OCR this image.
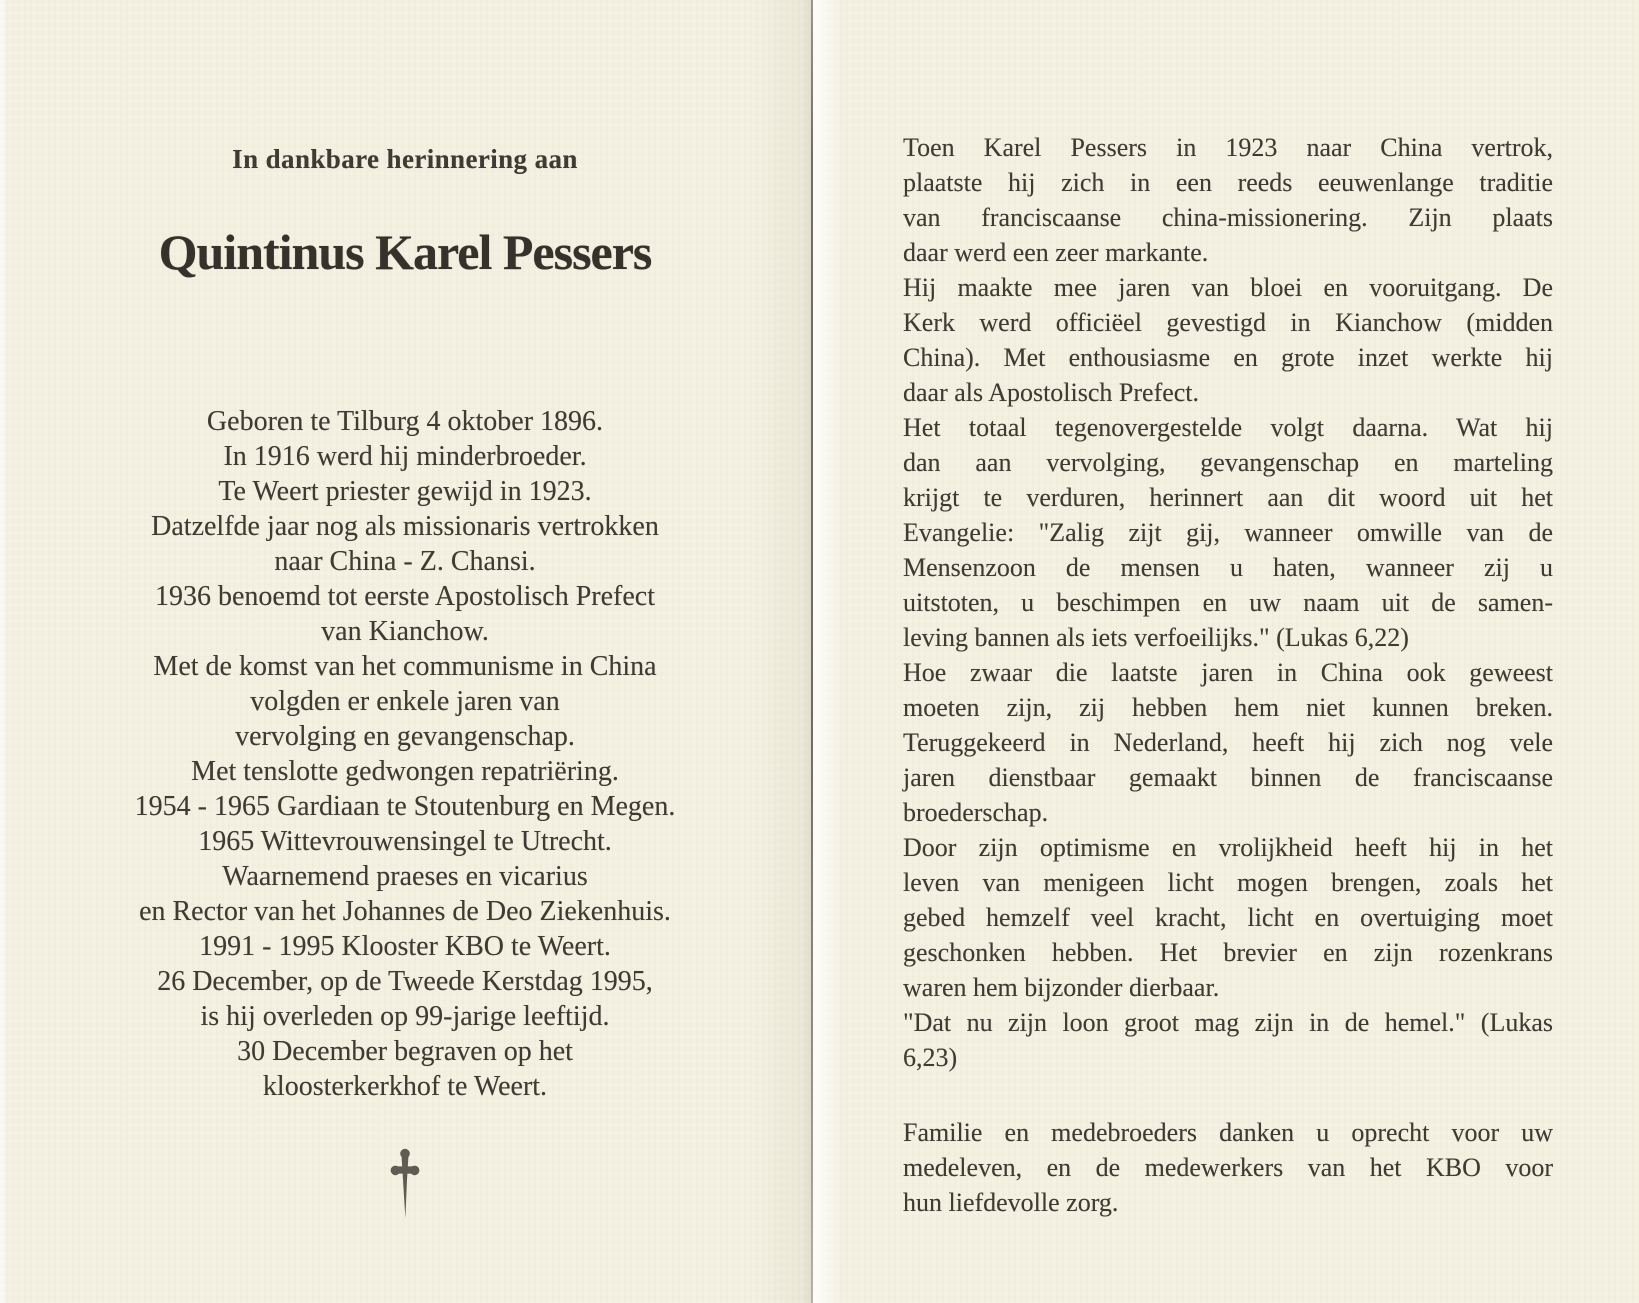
In dankbare herinnering aan
Quintinus Karel Pessers
Geboren te Tilburg 4 oktober 1896.
In 1916 werd hij minderbroeder.
Te Weert priester gewijd in 1923.
Datzelfde jaar nog als missionaris vertrokken
naar China - Z. Chansi.
1936 benoemd tot eerste Apostolisch Prefect
van Kianchow.
Met de komst van het communisme in China
volgden er enkele jaren van
vervolging en gevangenschap.
Met tenslotte gedwongen repatriëring.
1954 - 1965 Gardiaan te Stoutenburg en Megen.
1965 Wittevrouwensingel te Utrecht.
Waarnemend praeses en vicarius
en Rector van het Johannes de Deo Ziekenhuis.
1991 - 1995 Klooster KBO te Weert.
26 December, op de Tweede Kerstdag 1995,
is hij overleden op 99-jarige leeftijd.
30 December begraven op het
kloosterkerkhof te Weert.
Toen Karel Pessers in 1923 naar China vertrok,
plaatste hij zich in een reeds eeuwenlange traditie
van franciscaanse china-missionering. Zijn plaats
daar werd een zeer markante.
Hij maakte mee jaren van bloei en vooruitgang. De
Kerk werd officiëel gevestigd in Kianchow (midden
China). Met enthousiasme en grote inzet werkte hij
daar als Apostolisch Prefect.
Het totaal tegenovergestelde volgt daarna. Wat hij
dan aan vervolging, gevangenschap en marteling
krijgt te verduren, herinnert aan dit woord uit het
Evangelie: "Zalig zijt gij, wanneer omwille van de
Mensenzoon de mensen u haten, wanneer zij u
uitstoten, u beschimpen en uw naam uit de samen-
leving bannen als iets verfoeilijks." (Lukas 6,22)
Hoe zwaar die laatste jaren in China ook geweest
moeten zijn, zij hebben hem niet kunnen breken.
Teruggekeerd in Nederland, heeft hij zich nog vele
jaren dienstbaar gemaakt binnen de franciscaanse
broederschap.
Door zijn optimisme en vrolijkheid heeft hij in het
leven van menigeen licht mogen brengen, zoals het
gebed hemzelf veel kracht, licht en overtuiging moet
geschonken hebben. Het brevier en zijn rozenkrans
waren hem bijzonder dierbaar.
"Dat nu zijn loon groot mag zijn in de hemel." (Lukas
6,23)
Familie en medebroeders danken u oprecht voor uw
medeleven, en de medewerkers van het KBO voor
hun liefdevolle zorg.
